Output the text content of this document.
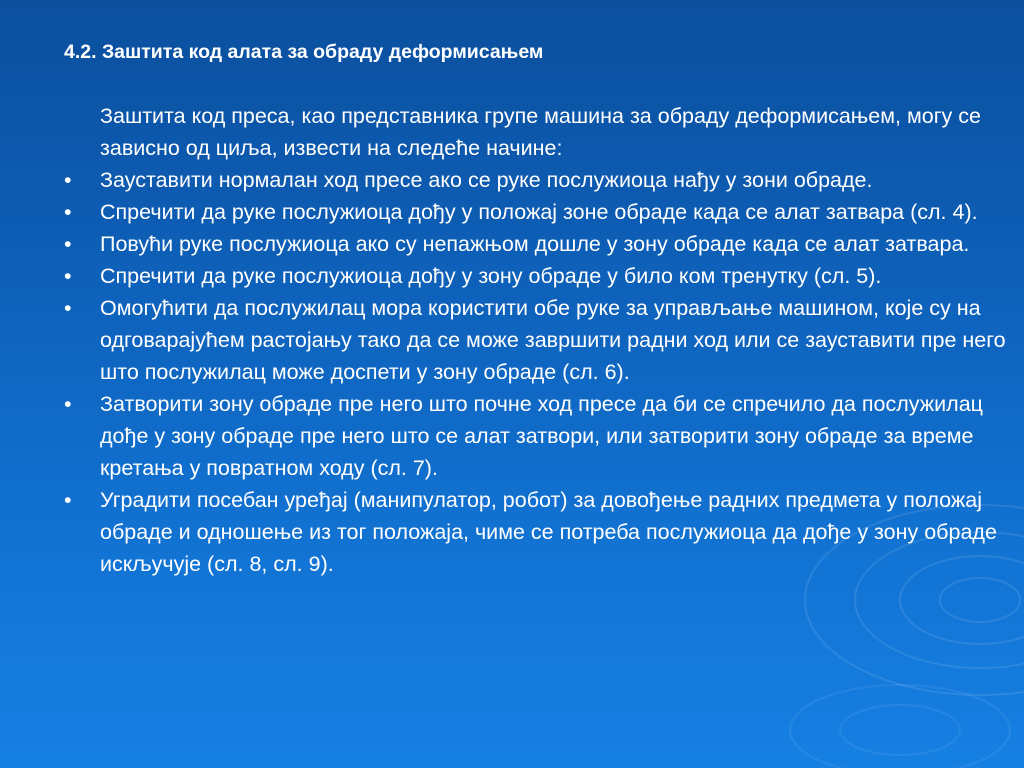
4.2. Заштита код алата за обраду деформисањем
Заштита код преса, као представника групе машина за обраду деформисањем, могу се зависно од циља, извести на следеће начине:
• Зауставити нормалан ход пресе ако се руке послужиоца нађу у зони обраде.
• Спречити да руке послужиоца дођу у положај зоне обраде када се алат затвара (сл. 4).
• Повући руке послужиоца ако су непажњом дошле у зону обраде када се алат затвара.
• Спречити да руке послужиоца дођу у зону обраде у било ком тренутку (сл. 5).
• Омогућити да послужилац мора користити обе руке за управљање машином, које су на одговарајућем растојању тако да се може завршити радни ход или се зауставити пре него што послужилац може доспети у зону обраде (сл. 6).
• Затворити зону обраде пре него што почне ход пресе да би се спречило да послужилац дође у зону обраде пре него што се алат затвори, или затворити зону обраде за време кретања у повратном ходу (сл. 7).
• Уградити посебан уређај (манипулатор, робот) за довођење радних предмета у положај обраде и одношење из тог положаја, чиме се потреба послужиоца да дође у зону обраде искључује (сл. 8, сл. 9).
